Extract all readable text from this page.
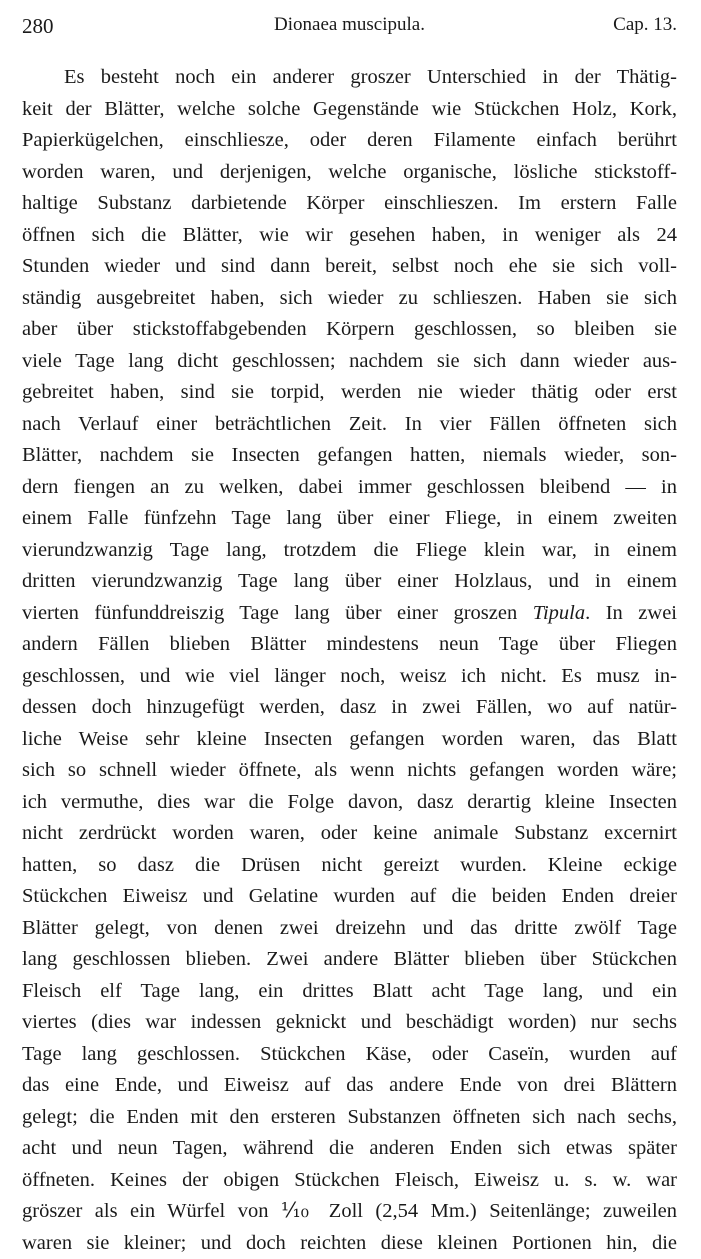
280	Dionaea muscipula.	Cap. 13.
Es besteht noch ein anderer groszer Unterschied in der Thätig-
keit der Blätter, welche solche Gegenstände wie Stückchen Holz, Kork,
Papierkügelchen, einschliesze, oder deren Filamente einfach berührt
worden waren, und derjenigen, welche organische, lösliche stickstoff-
haltige Substanz darbietende Körper einschlieszen. Im erstern Falle
öffnen sich die Blätter, wie wir gesehen haben, in weniger als 24
Stunden wieder und sind dann bereit, selbst noch ehe sie sich voll-
ständig ausgebreitet haben, sich wieder zu schlieszen. Haben sie sich
aber über stickstoffabgebenden Körpern geschlossen, so bleiben sie
viele Tage lang dicht geschlossen; nachdem sie sich dann wieder aus-
gebreitet haben, sind sie torpid, werden nie wieder thätig oder erst
nach Verlauf einer beträchtlichen Zeit. In vier Fällen öffneten sich
Blätter, nachdem sie Insecten gefangen hatten, niemals wieder, son-
dern fiengen an zu welken, dabei immer geschlossen bleibend — in
einem Falle fünfzehn Tage lang über einer Fliege, in einem zweiten
vierundzwanzig Tage lang, trotzdem die Fliege klein war, in einem
dritten vierundzwanzig Tage lang über einer Holzlaus, und in einem
vierten fünfunddreiszig Tage lang über einer groszen Tipula. In zwei
andern Fällen blieben Blätter mindestens neun Tage über Fliegen
geschlossen, und wie viel länger noch, weisz ich nicht. Es musz in-
dessen doch hinzugefügt werden, dasz in zwei Fällen, wo auf natür-
liche Weise sehr kleine Insecten gefangen worden waren, das Blatt
sich so schnell wieder öffnete, als wenn nichts gefangen worden wäre;
ich vermuthe, dies war die Folge davon, dasz derartig kleine Insecten
nicht zerdrückt worden waren, oder keine animale Substanz excernirt
hatten, so dasz die Drüsen nicht gereizt wurden. Kleine eckige
Stückchen Eiweisz und Gelatine wurden auf die beiden Enden dreier
Blätter gelegt, von denen zwei dreizehn und das dritte zwölf Tage
lang geschlossen blieben. Zwei andere Blätter blieben über Stückchen
Fleisch elf Tage lang, ein drittes Blatt acht Tage lang, und ein
viertes (dies war indessen geknickt und beschädigt worden) nur sechs
Tage lang geschlossen. Stückchen Käse, oder Caseïn, wurden auf
das eine Ende, und Eiweisz auf das andere Ende von drei Blättern
gelegt; die Enden mit den ersteren Substanzen öffneten sich nach sechs,
acht und neun Tagen, während die anderen Enden sich etwas später
öffneten. Keines der obigen Stückchen Fleisch, Eiweisz u. s. w. war
gröszer als ein Würfel von ⅒ Zoll (2,54 Mm.) Seitenlänge; zuweilen
waren sie kleiner; und doch reichten diese kleinen Portionen hin, die
